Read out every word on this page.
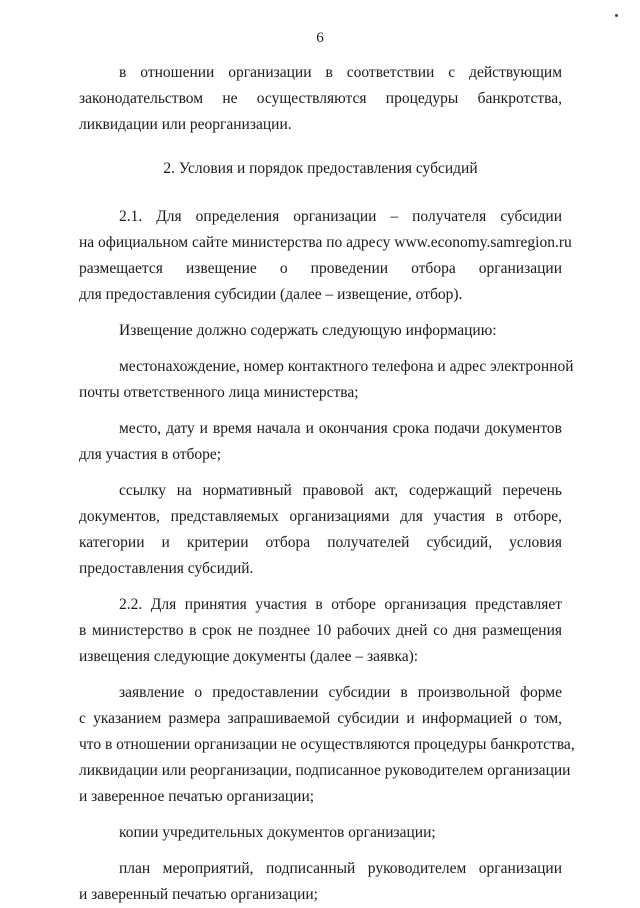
6
в отношении организации в соответствии с действующим
законодательством не осуществляются процедуры банкротства,
ликвидации или реорганизации.
2. Условия и порядок предоставления субсидий
2.1. Для определения организации – получателя субсидии
на официальном сайте министерства по адресу www.economy.samregion.ru
размещается извещение о проведении отбора организации
для предоставления субсидии (далее – извещение, отбор).
Извещение должно содержать следующую информацию:
местонахождение, номер контактного телефона и адрес электронной
почты ответственного лица министерства;
место, дату и время начала и окончания срока подачи документов
для участия в отборе;
ссылку на нормативный правовой акт, содержащий перечень
документов, представляемых организациями для участия в отборе,
категории и критерии отбора получателей субсидий, условия
предоставления субсидий.
2.2. Для принятия участия в отборе организация представляет
в министерство в срок не позднее 10 рабочих дней со дня размещения
извещения следующие документы (далее – заявка):
заявление о предоставлении субсидии в произвольной форме
с указанием размера запрашиваемой субсидии и информацией о том,
что в отношении организации не осуществляются процедуры банкротства,
ликвидации или реорганизации, подписанное руководителем организации
и заверенное печатью организации;
копии учредительных документов организации;
план мероприятий, подписанный руководителем организации
и заверенный печатью организации;
